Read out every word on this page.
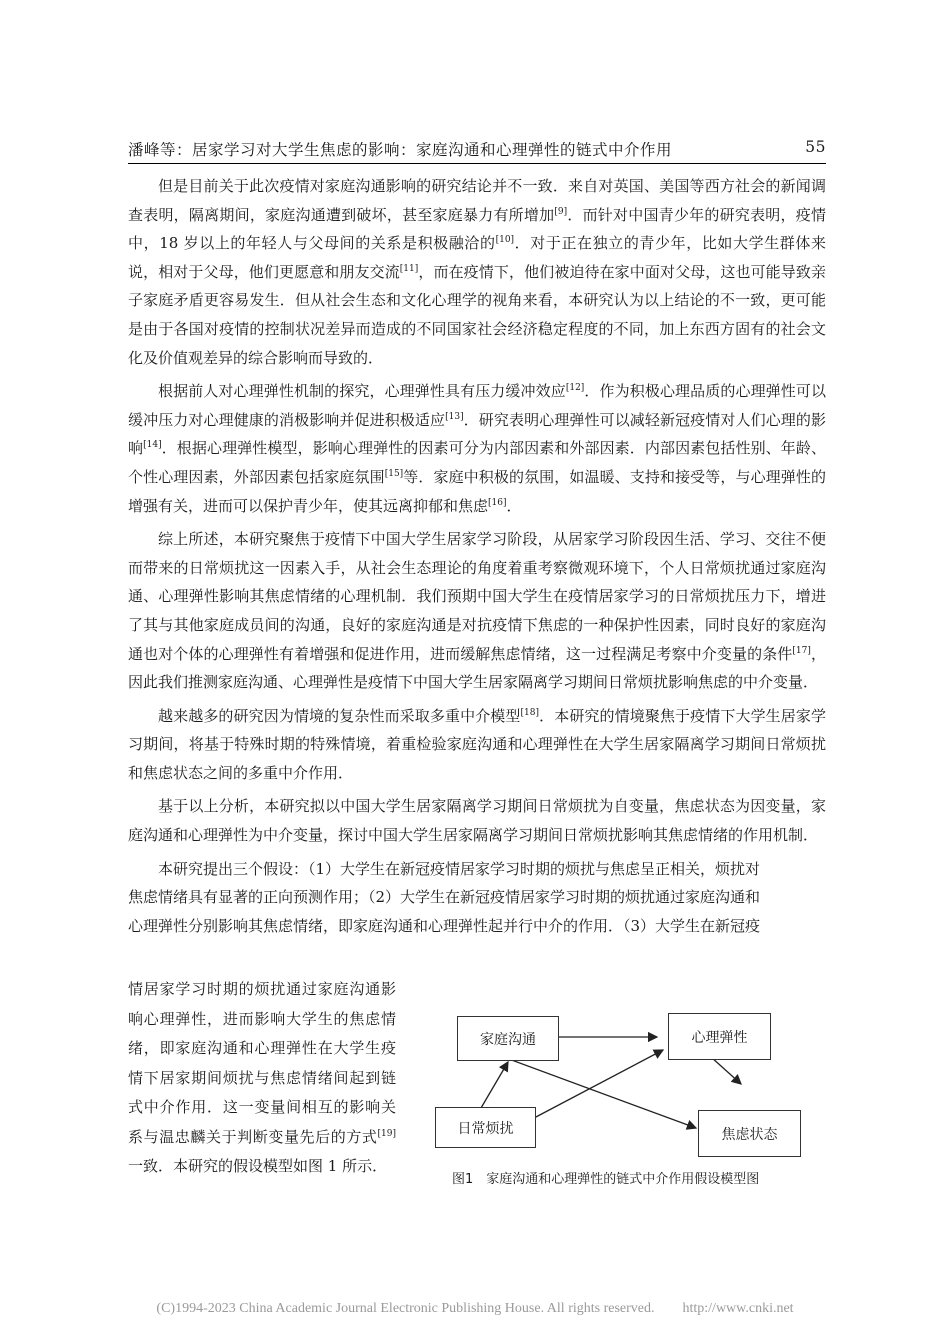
潘峰等：居家学习对大学生焦虑的影响：家庭沟通和心理弹性的链式中介作用	55

但是目前关于此次疫情对家庭沟通影响的研究结论并不一致．来自对英国、美国等西方社会的新闻调查表明，隔离期间，家庭沟通遭到破坏，甚至家庭暴力有所增加[9]．而针对中国青少年的研究表明，疫情中，18 岁以上的年轻人与父母间的关系是积极融洽的[10]．对于正在独立的青少年，比如大学生群体来说，相对于父母，他们更愿意和朋友交流[11]，而在疫情下，他们被迫待在家中面对父母，这也可能导致亲子家庭矛盾更容易发生．但从社会生态和文化心理学的视角来看，本研究认为以上结论的不一致，更可能是由于各国对疫情的控制状况差异而造成的不同国家社会经济稳定程度的不同，加上东西方固有的社会文化及价值观差异的综合影响而导致的．

根据前人对心理弹性机制的探究，心理弹性具有压力缓冲效应[12]．作为积极心理品质的心理弹性可以缓冲压力对心理健康的消极影响并促进积极适应[13]．研究表明心理弹性可以减轻新冠疫情对人们心理的影响[14]．根据心理弹性模型，影响心理弹性的因素可分为内部因素和外部因素．内部因素包括性别、年龄、个性心理因素，外部因素包括家庭氛围[15]等．家庭中积极的氛围，如温暖、支持和接受等，与心理弹性的增强有关，进而可以保护青少年，使其远离抑郁和焦虑[16]．

综上所述，本研究聚焦于疫情下中国大学生居家学习阶段，从居家学习阶段因生活、学习、交往不便而带来的日常烦扰这一因素入手，从社会生态理论的角度着重考察微观环境下，个人日常烦扰通过家庭沟通、心理弹性影响其焦虑情绪的心理机制．我们预期中国大学生在疫情居家学习的日常烦扰压力下，增进了其与其他家庭成员间的沟通，良好的家庭沟通是对抗疫情下焦虑的一种保护性因素，同时良好的家庭沟通也对个体的心理弹性有着增强和促进作用，进而缓解焦虑情绪，这一过程满足考察中介变量的条件[17]，因此我们推测家庭沟通、心理弹性是疫情下中国大学生居家隔离学习期间日常烦扰影响焦虑的中介变量．

越来越多的研究因为情境的复杂性而采取多重中介模型[18]．本研究的情境聚焦于疫情下大学生居家学习期间，将基于特殊时期的特殊情境，着重检验家庭沟通和心理弹性在大学生居家隔离学习期间日常烦扰和焦虑状态之间的多重中介作用．

基于以上分析，本研究拟以中国大学生居家隔离学习期间日常烦扰为自变量，焦虑状态为因变量，家庭沟通和心理弹性为中介变量，探讨中国大学生居家隔离学习期间日常烦扰影响其焦虑情绪的作用机制．

本研究提出三个假设：（1）大学生在新冠疫情居家学习时期的烦扰与焦虑呈正相关，烦扰对

焦虑情绪具有显著的正向预测作用；（2）大学生在新冠疫情居家学习时期的烦扰通过家庭沟通和

心理弹性分别影响其焦虑情绪，即家庭沟通和心理弹性起并行中介的作用．（3）大学生在新冠疫

情居家学习时期的烦扰通过家庭沟通影响心理弹性，进而影响大学生的焦虑情绪，即家庭沟通和心理弹性在大学生疫情下居家期间烦扰与焦虑情绪间起到链式中介作用．这一变量间相互的影响关系与温忠麟关于判断变量先后的方式[19]一致．本研究的假设模型如图 1 所示．

家庭沟通	心理弹性
日常烦扰	焦虑状态
图1　家庭沟通和心理弹性的链式中介作用假设模型图
(C)1994-2023 China Academic Journal Electronic Publishing House. All rights reserved.　　http://www.cnki.net
